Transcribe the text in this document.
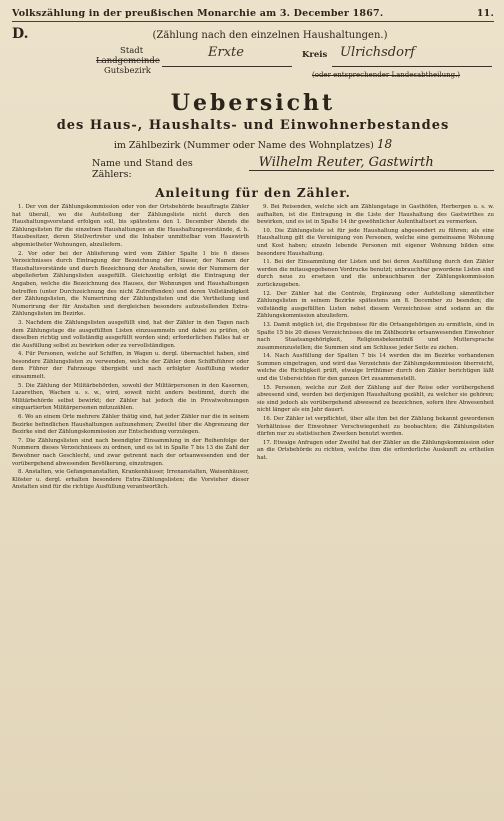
Volkszählung in der preußischen Monarchie am 3. December 1867.	11.
D.	(Zählung nach den einzelnen Haushaltungen.)
Stadt
Landgemeinde
Gutsbezirk
Erxte	Kreis Ulrichsdorf
(oder entsprechender Landesabtheilung.)
Uebersicht
des Haus-, Haushalts- und Einwohnerbestandes
im Zählbezirk (Nummer oder Name des Wohnplatzes) 18
Name und Stand des Zählers:
Wilhelm Reuter, Gastwirth
Anleitung für den Zähler.

1. Der von der Zählungskommission oder von der Ortsbehörde beauftragte Zähler hat überall, wo die Aufstellung der Zählungsliste nicht durch den Haushaltungsvorstand erfolgen soll, bis spätestens den 1. December Abends die Zählungslisten für die einzelnen Haushaltungen an die Haushaltungsvorstände, d. h. Hausbesitzer, deren Stellvertreter und die Inhaber unmittelbar vom Hauswirth abgemietheter Wohnungen, abzuliefern.

2. Vor oder bei der Ablieferung wird vom Zähler Spalte 1 bis 6 dieses Verzeichnisses durch Eintragung der Bezeichnung der Häuser, der Namen der Haushaltsvorstände und durch Bezeichnung der Anstalten, sowie der Nummern der abgelieferten Zählungslisten ausgefüllt. Gleichzeitig erfolgt die Eintragung der Angaben, welche die Bezeichnung des Hauses, der Wohnungen und Haushaltungen betreffen (unter Durchzeichnung des nicht Zutreffenden) und deren Vollständigkeit der Zählungslisten, die Numerirung der Zählungslisten und die Vertheilung und Numerirung der für Anstalten und dergleichen besonders aufzustellenden Extra-Zählungslisten im Bezirke.

3. Nachdem die Zählungslisten ausgefüllt sind, hat der Zähler in den Tagen nach dem Zählungstage die ausgefüllten Listen einzusammeln und dabei zu prüfen, ob dieselben richtig und vollständig ausgefüllt worden sind; erforderlichen Falles hat er die Ausfüllung selbst zu bewirken oder zu vervollständigen.

4. Für Personen, welche auf Schiffen, in Wagen u. dergl. übernachtet haben, sind besondere Zählungslisten zu verwenden, welche der Zähler dem Schiffsführer oder dem Führer der Fahrzeuge übergiebt und nach erfolgter Ausfüllung wieder einsammelt.

5. Die Zählung der Militärbehörden, sowohl der Militärpersonen in den Kasernen, Lazarethen, Wachen u. s. w., wird, soweit nicht anders bestimmt, durch die Militärbehörde selbst bewirkt; der Zähler hat jedoch die in Privatwohnungen einquartierten Militärpersonen mitzuzählen.

6. Wo an einem Orte mehrere Zähler thätig sind, hat jeder Zähler nur die in seinem Bezirke befindlichen Haushaltungen aufzunehmen; Zweifel über die Abgrenzung der Bezirke sind der Zählungskommission zur Entscheidung vorzulegen.

7. Die Zählungslisten sind nach beendigter Einsammlung in der Reihenfolge der Nummern dieses Verzeichnisses zu ordnen, und es ist in Spalte 7 bis 13 die Zahl der Bewohner nach Geschlecht, und zwar getrennt nach der ortsanwesenden und der vorübergehend abwesenden Bevölkerung, einzutragen.

8. Anstalten, wie Gefangenanstalten, Krankenhäuser, Irrenanstalten, Waisenhäuser, Klöster u. dergl. erhalten besondere Extra-Zählungslisten; die Vorsteher dieser Anstalten sind für die richtige Ausfüllung verantwortlich.

9. Bei Reisenden, welche sich am Zählungstage in Gasthöfen, Herbergen u. s. w. aufhalten, ist die Eintragung in die Liste der Haushaltung des Gastwirthes zu bewirken, und es ist in Spalte 14 ihr gewöhnlicher Aufenthaltsort zu vermerken.

10. Die Zählungsliste ist für jede Haushaltung abgesondert zu führen; als eine Haushaltung gilt die Vereinigung von Personen, welche eine gemeinsame Wohnung und Kost haben; einzeln lebende Personen mit eigener Wohnung bilden eine besondere Haushaltung.

11. Bei der Einsammlung der Listen und bei deren Ausfüllung durch den Zähler werden die mitausgegebenen Vordrucke benutzt; unbrauchbar gewordene Listen sind durch neue zu ersetzen und die unbrauchbaren der Zählungskommission zurückzugeben.

12. Der Zähler hat die Controle, Ergänzung oder Aufstellung sämmtlicher Zählungslisten in seinem Bezirke spätestens am 8. December zu beenden; die vollständig ausgefüllten Listen nebst diesem Verzeichnisse sind sodann an die Zählungskommission abzuliefern.

13. Damit möglich ist, die Ergebnisse für die Ortsangehörigen zu ermitteln, sind in Spalte 15 bis 20 dieses Verzeichnisses die im Zählbezirke ortsanwesenden Einwohner nach Staatsangehörigkeit, Religionsbekenntniß und Muttersprache zusammenzustellen; die Summen sind am Schlusse jeder Seite zu ziehen.

14. Nach Ausfüllung der Spalten 7 bis 14 werden die im Bezirke vorhandenen Summen eingetragen, und wird das Verzeichnis der Zählungskommission überreicht, welche die Richtigkeit prüft, etwaige Irrthümer durch den Zähler berichtigen läßt und die Uebersichten für den ganzen Ort zusammenstellt.

15. Personen, welche zur Zeit der Zählung auf der Reise oder vorübergehend abwesend sind, werden bei derjenigen Haushaltung gezählt, zu welcher sie gehören; sie sind jedoch als vorübergehend abwesend zu bezeichnen, sofern ihre Abwesenheit nicht länger als ein Jahr dauert.

16. Der Zähler ist verpflichtet, über alle ihm bei der Zählung bekannt gewordenen Verhältnisse der Einwohner Verschwiegenheit zu beobachten; die Zählungslisten dürfen nur zu statistischen Zwecken benutzt werden.

17. Etwaige Anfragen oder Zweifel hat der Zähler an die Zählungskommission oder an die Ortsbehörde zu richten, welche ihm die erforderliche Auskunft zu ertheilen hat.
